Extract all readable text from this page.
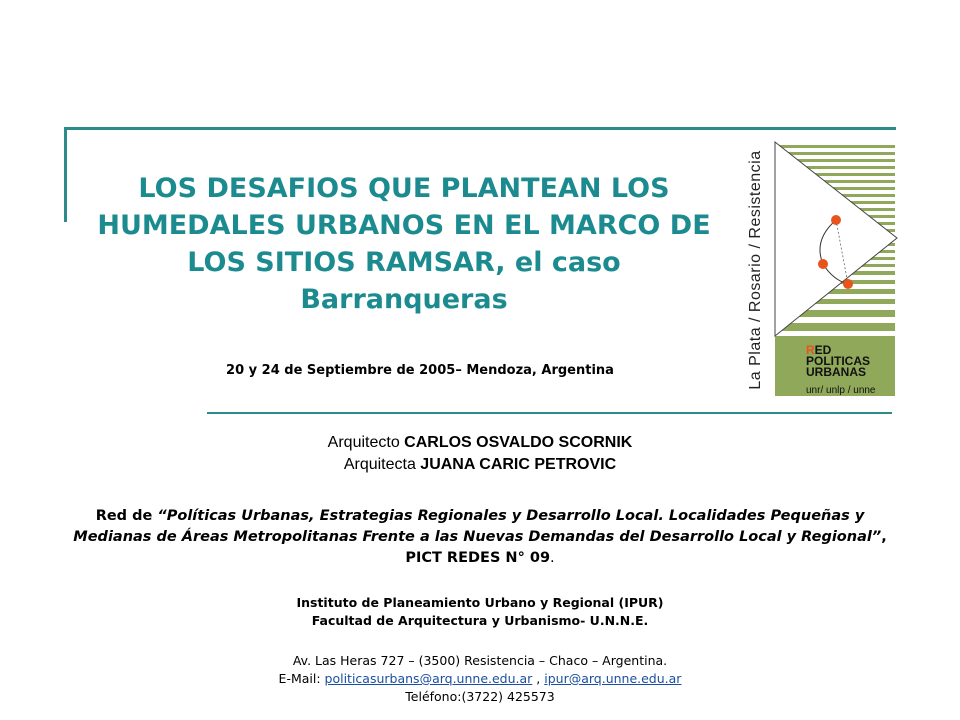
LOS DESAFIOS QUE PLANTEAN LOS
HUMEDALES URBANOS EN EL MARCO DE
LOS SITIOS RAMSAR, el caso
Barranqueras
20 y 24 de Septiembre de 2005– Mendoza, Argentina	La Plata / Rosario / Resistencia	RED
POLITICAS
URBANAS
unr/ unlp / unne
Arquitecto CARLOS OSVALDO SCORNIK
Arquitecta JUANA CARIC PETROVIC
Red de “Políticas Urbanas, Estrategias Regionales y Desarrollo Local. Localidades Pequeñas y Medianas de Áreas Metropolitanas Frente a las Nuevas Demandas del Desarrollo Local y Regional”, PICT REDES N° 09.
Instituto de Planeamiento Urbano y Regional (IPUR)
Facultad de Arquitectura y Urbanismo- U.N.N.E.
Av. Las Heras 727 – (3500) Resistencia – Chaco – Argentina.
E-Mail: politicasurbans@arq.unne.edu.ar , ipur@arq.unne.edu.ar
Teléfono:(3722) 425573
